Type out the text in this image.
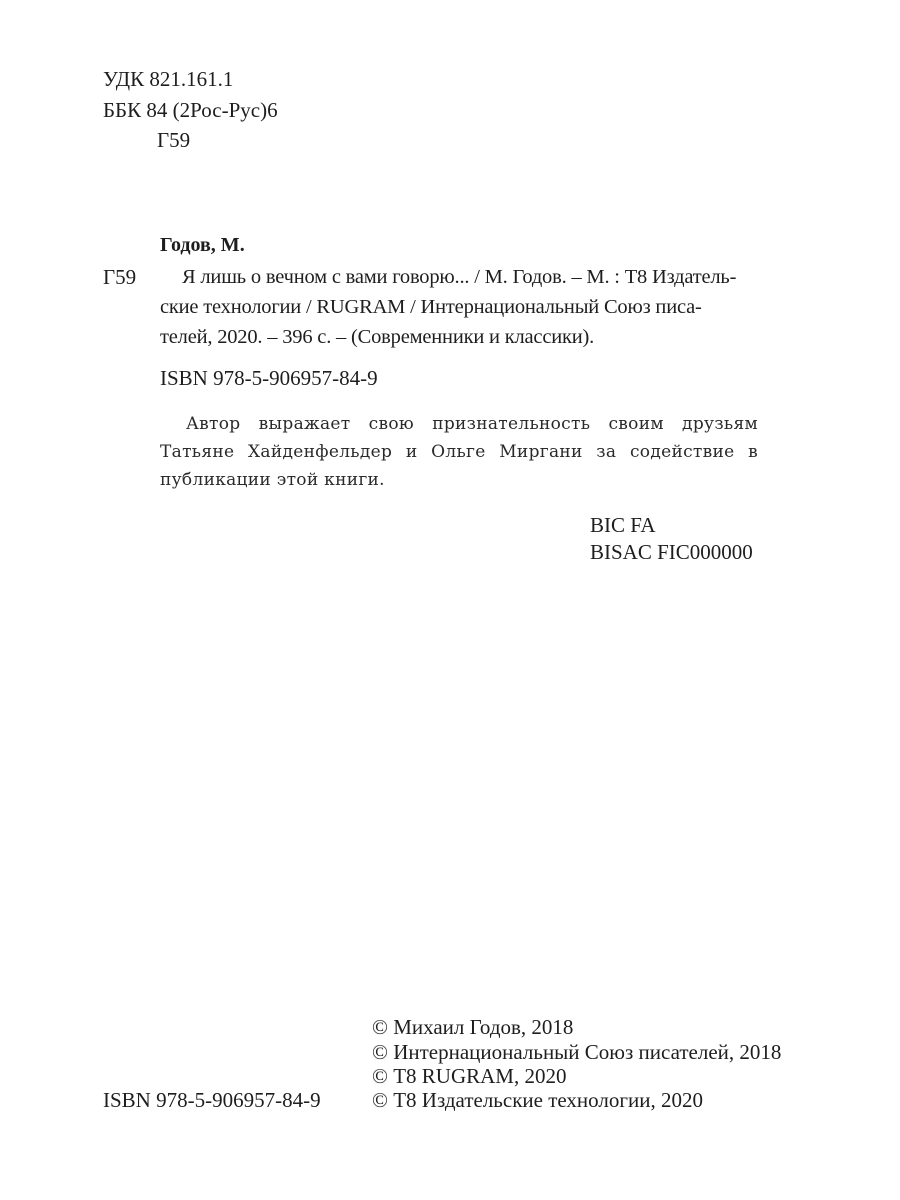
УДК 821.161.1
ББК 84 (2Рос-Рус)6
Г59
Годов, М.
Г59	Я лишь о вечном с вами говорю... / М. Годов. – М. : Т8 Издатель-
ские технологии / RUGRAM / Интернациональный Союз писа-
телей, 2020. – 396 с. – (Современники и классики).
ISBN 978-5-906957-84-9

Автор выражает свою признательность своим друзьям Татьяне Хайденфельдер и Ольге Миргани за содействие в публикации этой книги.

BIC FA
BISAC FIC000000
ISBN 978-5-906957-84-9
© Михаил Годов, 2018
© Интернациональный Союз писателей, 2018
© Т8 RUGRAM, 2020
© Т8 Издательские технологии, 2020
